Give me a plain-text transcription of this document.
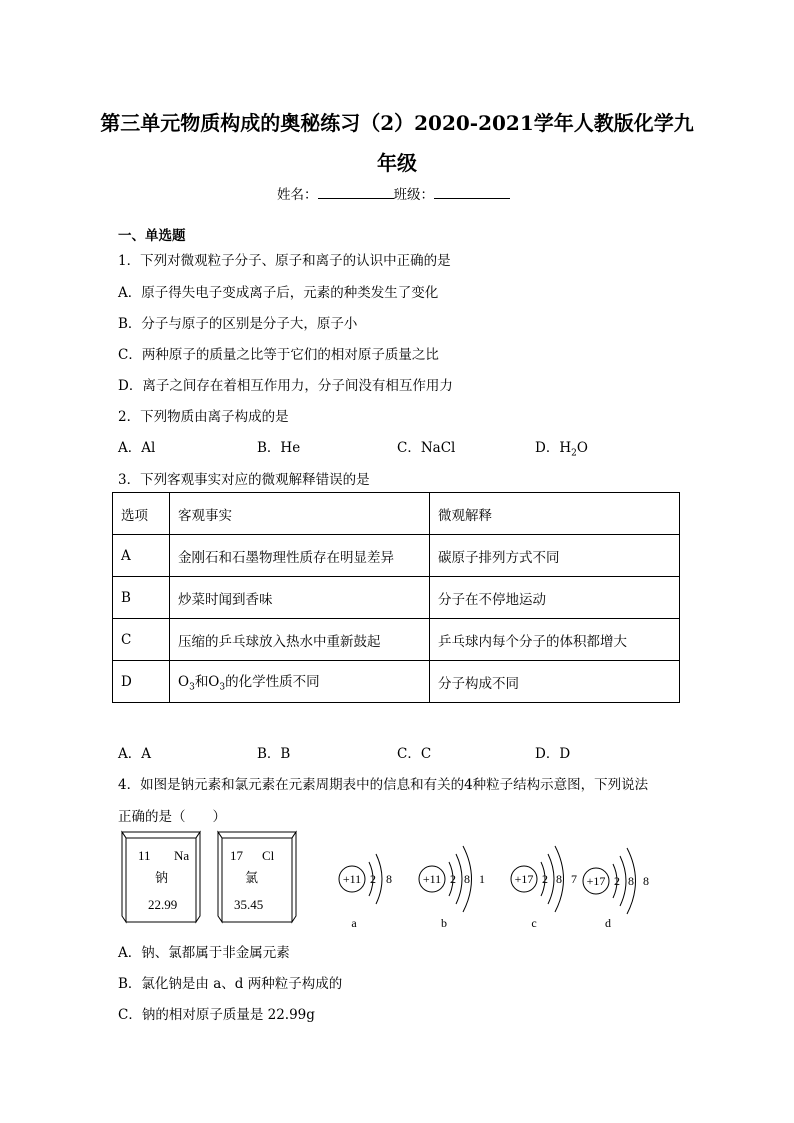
第三单元物质构成的奥秘练习（2）2020-2021学年人教版化学九
年级
姓名：	班级：
一、单选题
1．下列对微观粒子分子、原子和离子的认识中正确的是
A．原子得失电子变成离子后，元素的种类发生了变化
B．分子与原子的区别是分子大，原子小
C．两种原子的质量之比等于它们的相对原子质量之比
D．离子之间存在着相互作用力，分子间没有相互作用力
2．下列物质由离子构成的是
A．Al	B．He	C．NaCl	D．$H_2O$
3．下列客观事实对应的微观解释错误的是
选项	客观事实	微观解释
A	金刚石和石墨物理性质存在明显差异	碳原子排列方式不同
B	炒菜时闻到香味	分子在不停地运动
C	压缩的乒乓球放入热水中重新鼓起	乒乓球内每个分子的体积都增大
D	$O_3$和$O_3$的化学性质不同	分子构成不同
A．A	B．B	C．C	D．D
4．如图是钠元素和氯元素在元素周期表中的信息和有关的4种粒子结构示意图，下列说法
正确的是（　　）
11 Na
钠
22.99
17 Cl
氯
35.45
+11 2 8
a
+11 2 8 1
b
+17 2 8 7
c
+17 2 8 8
d
A．钠、氯都属于非金属元素
B．氯化钠是由 a、d 两种粒子构成的
C．钠的相对原子质量是 22.99g
